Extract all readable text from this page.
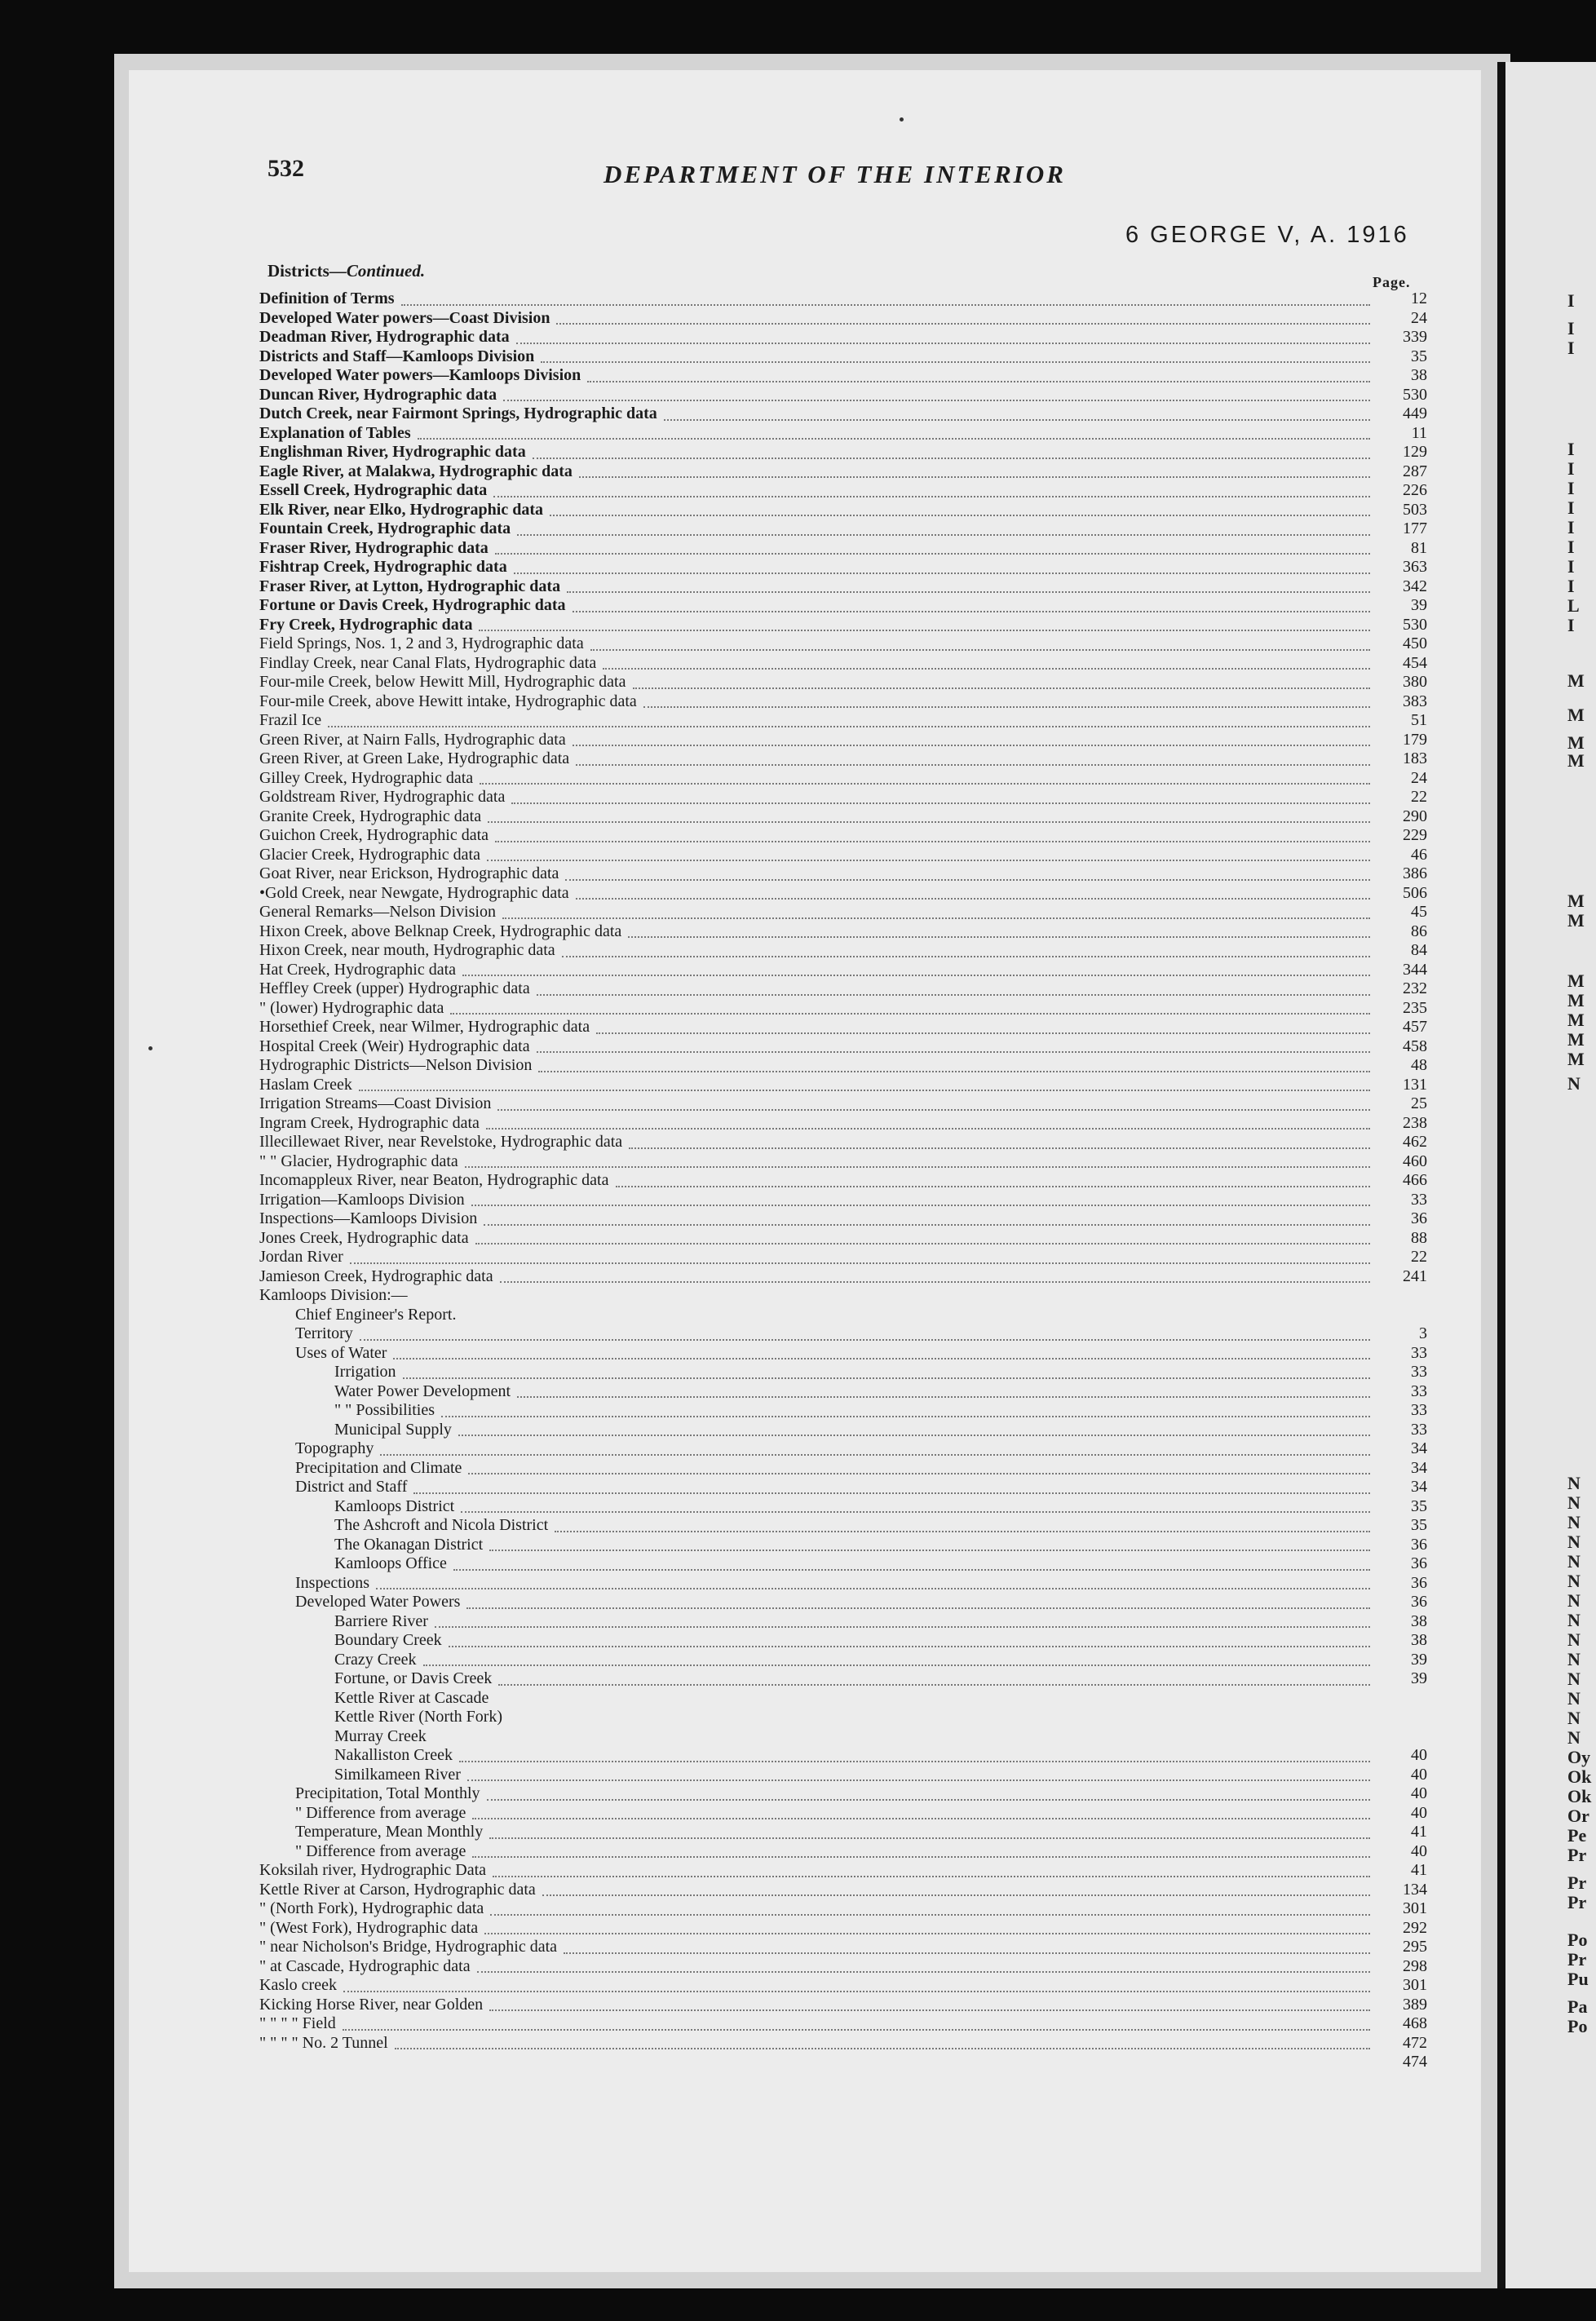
I
I
I
I
I
I
I
I
I
I
I
L
I
M
M
M
M
M
M
M
M
M
M
M
N
N
N
N
N
N
N
N
N
N
N
N
N
N
N
Oy
Ok
Ok
Or
Pe
Pr
Pr
Pr
Po
Pr
Pu
Pa
Po
532	DEPARTMENT OF THE INTERIOR
6 GEORGE V, A. 1916
Districts—Continued.
Page.
Definition of Terms	12
Developed Water powers—Coast Division	24
Deadman River, Hydrographic data	339
Districts and Staff—Kamloops Division	35
Developed Water powers—Kamloops Division	38
Duncan River, Hydrographic data	530
Dutch Creek, near Fairmont Springs, Hydrographic data	449
Explanation of Tables	11
Englishman River, Hydrographic data	129
Eagle River, at Malakwa, Hydrographic data	287
Essell Creek, Hydrographic data	226
Elk River, near Elko, Hydrographic data	503
Fountain Creek, Hydrographic data	177
Fraser River, Hydrographic data	81
Fishtrap Creek, Hydrographic data	363
Fraser River, at Lytton, Hydrographic data	342
Fortune or Davis Creek, Hydrographic data	39
Fry Creek, Hydrographic data	530
Field Springs, Nos. 1, 2 and 3, Hydrographic data	450
Findlay Creek, near Canal Flats, Hydrographic data	454
Four-mile Creek, below Hewitt Mill, Hydrographic data	380
Four-mile Creek, above Hewitt intake, Hydrographic data	383
Frazil Ice	51
Green River, at Nairn Falls, Hydrographic data	179
Green River, at Green Lake, Hydrographic data	183
Gilley Creek, Hydrographic data	24
Goldstream River, Hydrographic data	22
Granite Creek, Hydrographic data	290
Guichon Creek, Hydrographic data	229
Glacier Creek, Hydrographic data	46
Goat River, near Erickson, Hydrographic data	386
•Gold Creek, near Newgate, Hydrographic data	506
General Remarks—Nelson Division	45
Hixon Creek, above Belknap Creek, Hydrographic data	86
Hixon Creek, near mouth, Hydrographic data	84
Hat Creek, Hydrographic data	344
Heffley Creek (upper) Hydrographic data	232
" (lower) Hydrographic data	235
Horsethief Creek, near Wilmer, Hydrographic data	457
Hospital Creek (Weir) Hydrographic data	458
Hydrographic Districts—Nelson Division	48
Haslam Creek	131
Irrigation Streams—Coast Division	25
Ingram Creek, Hydrographic data	238
Illecillewaet River, near Revelstoke, Hydrographic data	462
" " Glacier, Hydrographic data	460
Incomappleux River, near Beaton, Hydrographic data	466
Irrigation—Kamloops Division	33
Inspections—Kamloops Division	36
Jones Creek, Hydrographic data	88
Jordan River	22
Jamieson Creek, Hydrographic data	241
Kamloops Division:—
Chief Engineer's Report.
Territory	3
Uses of Water	33
Irrigation	33
Water Power Development	33
" " Possibilities	33
Municipal Supply	33
Topography	34
Precipitation and Climate	34
District and Staff	34
Kamloops District	35
The Ashcroft and Nicola District	35
The Okanagan District	36
Kamloops Office	36
Inspections	36
Developed Water Powers	36
Barriere River	38
Boundary Creek	38
Crazy Creek	39
Fortune, or Davis Creek	39
Kettle River at Cascade
Kettle River (North Fork)
Murray Creek
Nakalliston Creek	40
Similkameen River	40
Precipitation, Total Monthly	40
" Difference from average	40
Temperature, Mean Monthly	41
" Difference from average	40
Koksilah river, Hydrographic Data	41
Kettle River at Carson, Hydrographic data	134
" (North Fork), Hydrographic data	301
" (West Fork), Hydrographic data	292
" near Nicholson's Bridge, Hydrographic data	295
" at Cascade, Hydrographic data	298
Kaslo creek	301
Kicking Horse River, near Golden	389
" " " " Field	468
" " " " No. 2 Tunnel	472
474
